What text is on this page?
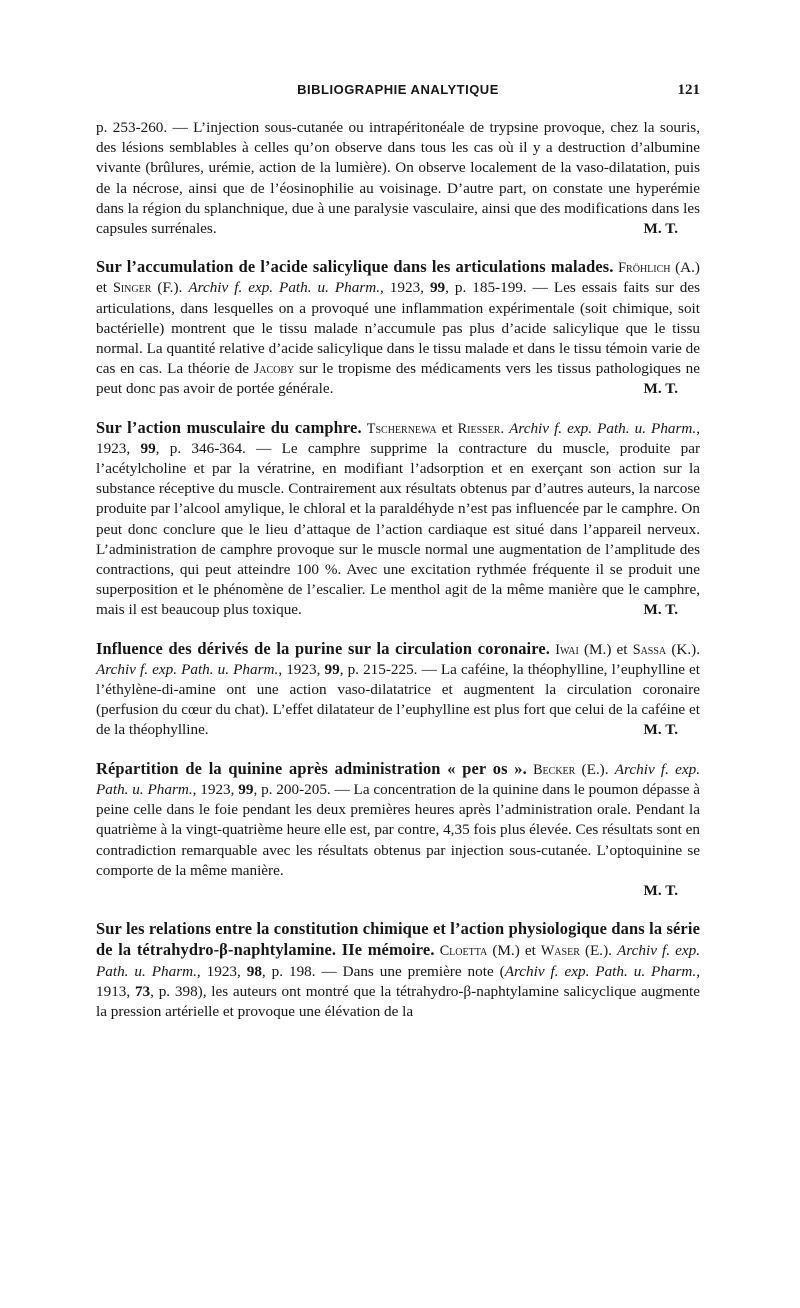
BIBLIOGRAPHIE ANALYTIQUE	121

p. 253-260. — L’injection sous-cutanée ou intrapéritonéale de trypsine provoque, chez la souris, des lésions semblables à celles qu’on observe dans tous les cas où il y a destruction d’albumine vivante (brûlures, urémie, action de la lumière). On observe localement de la vaso-dilatation, puis de la nécrose, ainsi que de l’éosinophilie au voisinage. D’autre part, on constate une hyperémie dans la région du splanchnique, due à une paralysie vasculaire, ainsi que des modifications dans les capsules surrénales.	M. T.

Sur l’accumulation de l’acide salicylique dans les articulations malades. Fröhlich (A.) et Singer (F.). Archiv f. exp. Path. u. Pharm., 1923, 99, p. 185-199. — Les essais faits sur des articulations, dans lesquelles on a provoqué une inflammation expérimentale (soit chimique, soit bactérielle) montrent que le tissu malade n’accumule pas plus d’acide salicylique que le tissu normal. La quantité relative d’acide salicylique dans le tissu malade et dans le tissu témoin varie de cas en cas. La théorie de Jacoby sur le tropisme des médicaments vers les tissus pathologiques ne peut donc pas avoir de portée générale.	M. T.

Sur l’action musculaire du camphre. Tschernewa et Riesser. Archiv f. exp. Path. u. Pharm., 1923, 99, p. 346-364. — Le camphre supprime la contracture du muscle, produite par l’acétylcholine et par la vératrine, en modifiant l’adsorption et en exerçant son action sur la substance réceptive du muscle. Contrairement aux résultats obtenus par d’autres auteurs, la narcose produite par l’alcool amylique, le chloral et la paraldéhyde n’est pas influencée par le camphre. On peut donc conclure que le lieu d’attaque de l’action cardiaque est situé dans l’appareil nerveux. L’administration de camphre provoque sur le muscle normal une augmentation de l’amplitude des contractions, qui peut atteindre 100 %. Avec une excitation rythmée fréquente il se produit une superposition et le phénomène de l’escalier. Le menthol agit de la même manière que le camphre, mais il est beaucoup plus toxique.	M. T.

Influence des dérivés de la purine sur la circulation coronaire. Iwai (M.) et Sassa (K.). Archiv f. exp. Path. u. Pharm., 1923, 99, p. 215-225. — La caféine, la théophylline, l’euphylline et l’éthylène-di-amine ont une action vaso-dilatatrice et augmentent la circulation coronaire (perfusion du cœur du chat). L’effet dilatateur de l’euphylline est plus fort que celui de la caféine et de la théophylline.	M. T.

Répartition de la quinine après administration « per os ». Becker (E.). Archiv f. exp. Path. u. Pharm., 1923, 99, p. 200-205. — La concentration de la quinine dans le poumon dépasse à peine celle dans le foie pendant les deux premières heures après l’administration orale. Pendant la quatrième à la vingt-quatrième heure elle est, par contre, 4,35 fois plus élevée. Ces résultats sont en contradiction remarquable avec les résultats obtenus par injection sous-cutanée. L’optoquinine se comporte de la même manière.

M. T.

Sur les relations entre la constitution chimique et l’action physiologique dans la série de la tétrahydro-β-naphtylamine. IIe mémoire. Cloetta (M.) et Waser (E.). Archiv f. exp. Path. u. Pharm., 1923, 98, p. 198. — Dans une première note (Archiv f. exp. Path. u. Pharm., 1913, 73, p. 398), les auteurs ont montré que la tétrahydro-β-naphtylamine salicyclique augmente la pression artérielle et provoque une élévation de la
